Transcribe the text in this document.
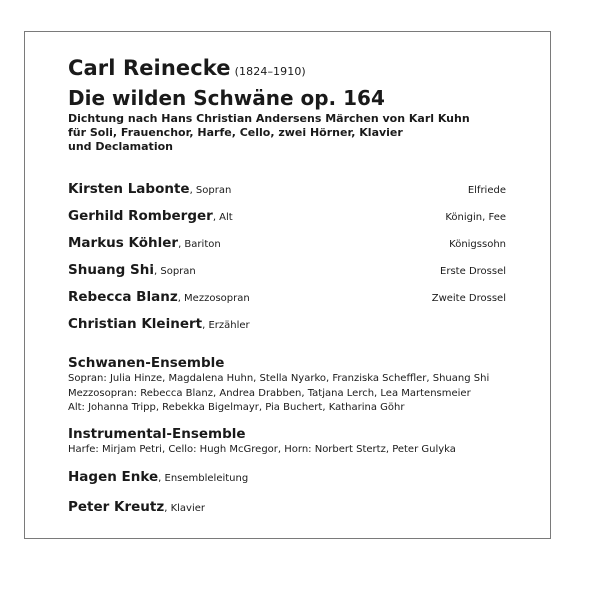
Carl Reinecke (1824–1910)
Die wilden Schwäne op. 164
Dichtung nach Hans Christian Andersens Märchen von Karl Kuhn
für Soli, Frauenchor, Harfe, Cello, zwei Hörner, Klavier
und Declamation
Kirsten Labonte, Sopran	Elfriede
Gerhild Romberger, Alt	Königin, Fee
Markus Köhler, Bariton	Königssohn
Shuang Shi, Sopran	Erste Drossel
Rebecca Blanz, Mezzosopran	Zweite Drossel
Christian Kleinert, Erzähler
Schwanen-Ensemble
Sopran: Julia Hinze, Magdalena Huhn, Stella Nyarko, Franziska Scheffler, Shuang Shi
Mezzosopran: Rebecca Blanz, Andrea Drabben, Tatjana Lerch, Lea Martensmeier
Alt: Johanna Tripp, Rebekka Bigelmayr, Pia Buchert, Katharina Göhr
Instrumental-Ensemble
Harfe: Mirjam Petri, Cello: Hugh McGregor, Horn: Norbert Stertz, Peter Gulyka
Hagen Enke, Ensembleleitung
Peter Kreutz, Klavier
